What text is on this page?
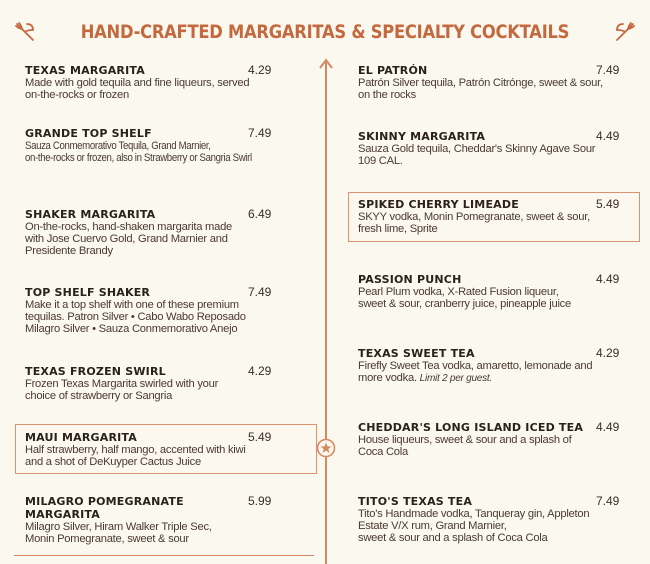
HAND-CRAFTED MARGARITAS & SPECIALTY COCKTAILS
TEXAS MARGARITA	4.29
Made with gold tequila and fine liqueurs, served
on-the-rocks or frozen
GRANDE TOP SHELF	7.49
Sauza Conmemorativo Tequila, Grand Marnier,
on-the-rocks or frozen, also in Strawberry or Sangria Swirl
SHAKER MARGARITA	6.49
On-the-rocks, hand-shaken margarita made
with Jose Cuervo Gold, Grand Marnier and
Presidente Brandy
TOP SHELF SHAKER	7.49
Make it a top shelf with one of these premium
tequilas. Patron Silver • Cabo Wabo Reposado
Milagro Silver • Sauza Conmemorativo Anejo
TEXAS FROZEN SWIRL	4.29
Frozen Texas Margarita swirled with your
choice of strawberry or Sangria
MAUI MARGARITA	5.49
Half strawberry, half mango, accented with kiwi
and a shot of DeKuyper Cactus Juice
MILAGRO POMEGRANATE	5.99
MARGARITA
Milagro Silver, Hiram Walker Triple Sec,
Monin Pomegranate, sweet & sour
EL PATRÓN	7.49
Patrón Silver tequila, Patrón Citrónge, sweet & sour,
on the rocks
SKINNY MARGARITA	4.49
Sauza Gold tequila, Cheddar's Skinny Agave Sour
109 CAL.
SPIKED CHERRY LIMEADE	5.49
SKYY vodka, Monin Pomegranate, sweet & sour,
fresh lime, Sprite
PASSION PUNCH	4.49
Pearl Plum vodka, X-Rated Fusion liqueur,
sweet & sour, cranberry juice, pineapple juice
TEXAS SWEET TEA	4.29
Firefly Sweet Tea vodka, amaretto, lemonade and
more vodka. Limit 2 per guest.
CHEDDAR'S LONG ISLAND ICED TEA 4.49
House liqueurs, sweet & sour and a splash of
Coca Cola
TITO'S TEXAS TEA	7.49
Tito's Handmade vodka, Tanqueray gin, Appleton
Estate V/X rum, Grand Marnier,
sweet & sour and a splash of Coca Cola
